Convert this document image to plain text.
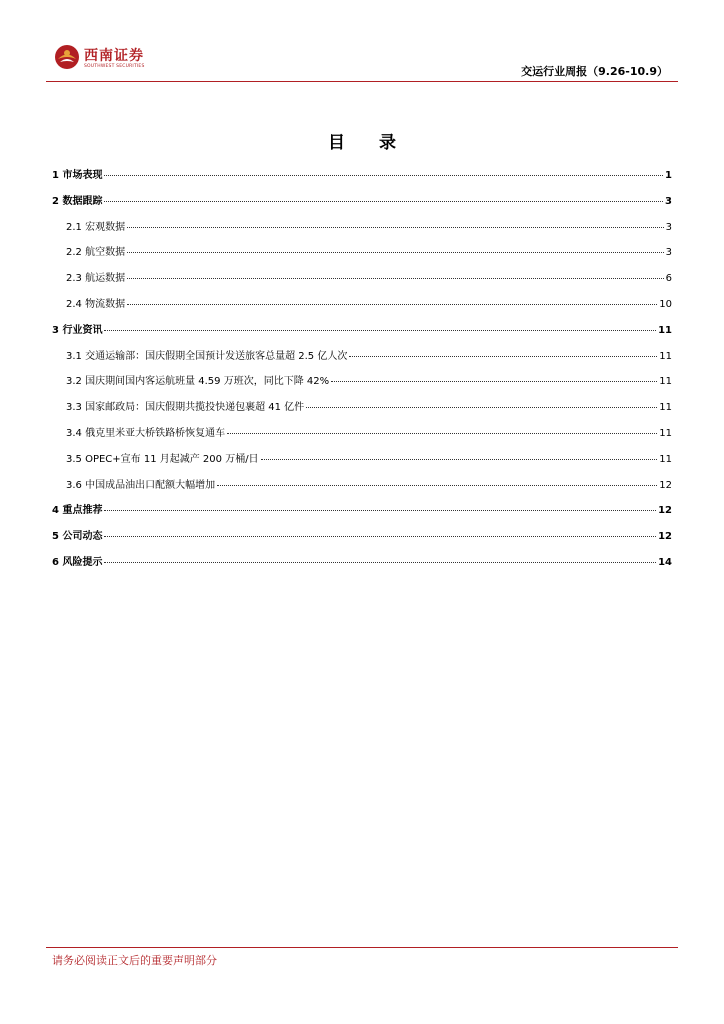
西南证券
SOUTHWEST SECURITIES	交运行业周报（9.26-10.9）
目 录
1 市场表现	1
2 数据跟踪	3
2.1 宏观数据	3
2.2 航空数据	3
2.3 航运数据	6
2.4 物流数据	10
3 行业资讯	11
3.1 交通运输部：国庆假期全国预计发送旅客总量超 2.5 亿人次	11
3.2 国庆期间国内客运航班量 4.59 万班次，同比下降 42%	11
3.3 国家邮政局：国庆假期共揽投快递包裹超 41 亿件	11
3.4 俄克里米亚大桥铁路桥恢复通车	11
3.5 OPEC+宣布 11 月起减产 200 万桶/日	11
3.6 中国成品油出口配额大幅增加	12
4 重点推荐	12
5 公司动态	12
6 风险提示	14
请务必阅读正文后的重要声明部分
